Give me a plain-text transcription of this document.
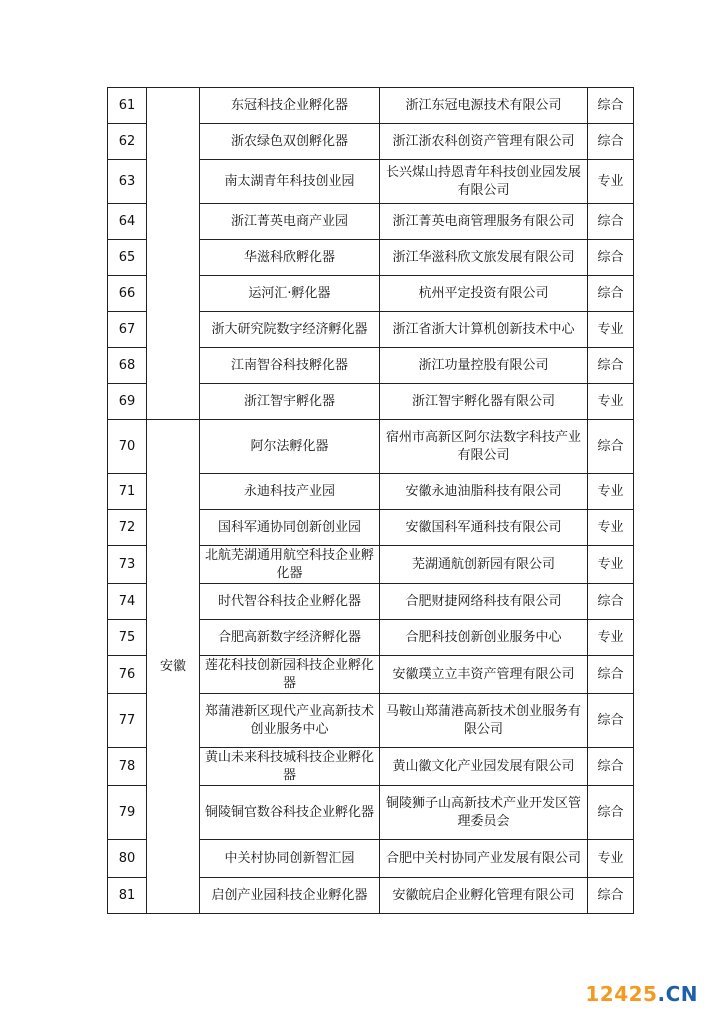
61		东冠科技企业孵化器	浙江东冠电源技术有限公司	综合
62		浙农绿色双创孵化器	浙江浙农科创资产管理有限公司	综合
63		南太湖青年科技创业园	长兴煤山持恩青年科技创业园发展有限公司	专业
64		浙江菁英电商产业园	浙江菁英电商管理服务有限公司	综合
65		华滋科欣孵化器	浙江华滋科欣文旅发展有限公司	综合
66		运河汇·孵化器	杭州平定投资有限公司	综合
67		浙大研究院数字经济孵化器	浙江省浙大计算机创新技术中心	专业
68		江南智谷科技孵化器	浙江功量控股有限公司	综合
69		浙江智宇孵化器	浙江智宇孵化器有限公司	专业
70	安徽	阿尔法孵化器	宿州市高新区阿尔法数字科技产业有限公司	综合
71		永迪科技产业园	安徽永迪油脂科技有限公司	专业
72		国科军通协同创新创业园	安徽国科军通科技有限公司	专业
73		北航芜湖通用航空科技企业孵化器	芜湖通航创新园有限公司	专业
74		时代智谷科技企业孵化器	合肥财捷网络科技有限公司	综合
75		合肥高新数字经济孵化器	合肥科技创新创业服务中心	专业
76		莲花科技创新园科技企业孵化器	安徽璞立立丰资产管理有限公司	综合
77		郑蒲港新区现代产业高新技术创业服务中心	马鞍山郑蒲港高新技术创业服务有限公司	综合
78		黄山未来科技城科技企业孵化器	黄山徽文化产业园发展有限公司	综合
79		铜陵铜官数谷科技企业孵化器	铜陵狮子山高新技术产业开发区管理委员会	综合
80		中关村协同创新智汇园	合肥中关村协同产业发展有限公司	专业
81		启创产业园科技企业孵化器	安徽皖启企业孵化管理有限公司	综合
12425.CN
